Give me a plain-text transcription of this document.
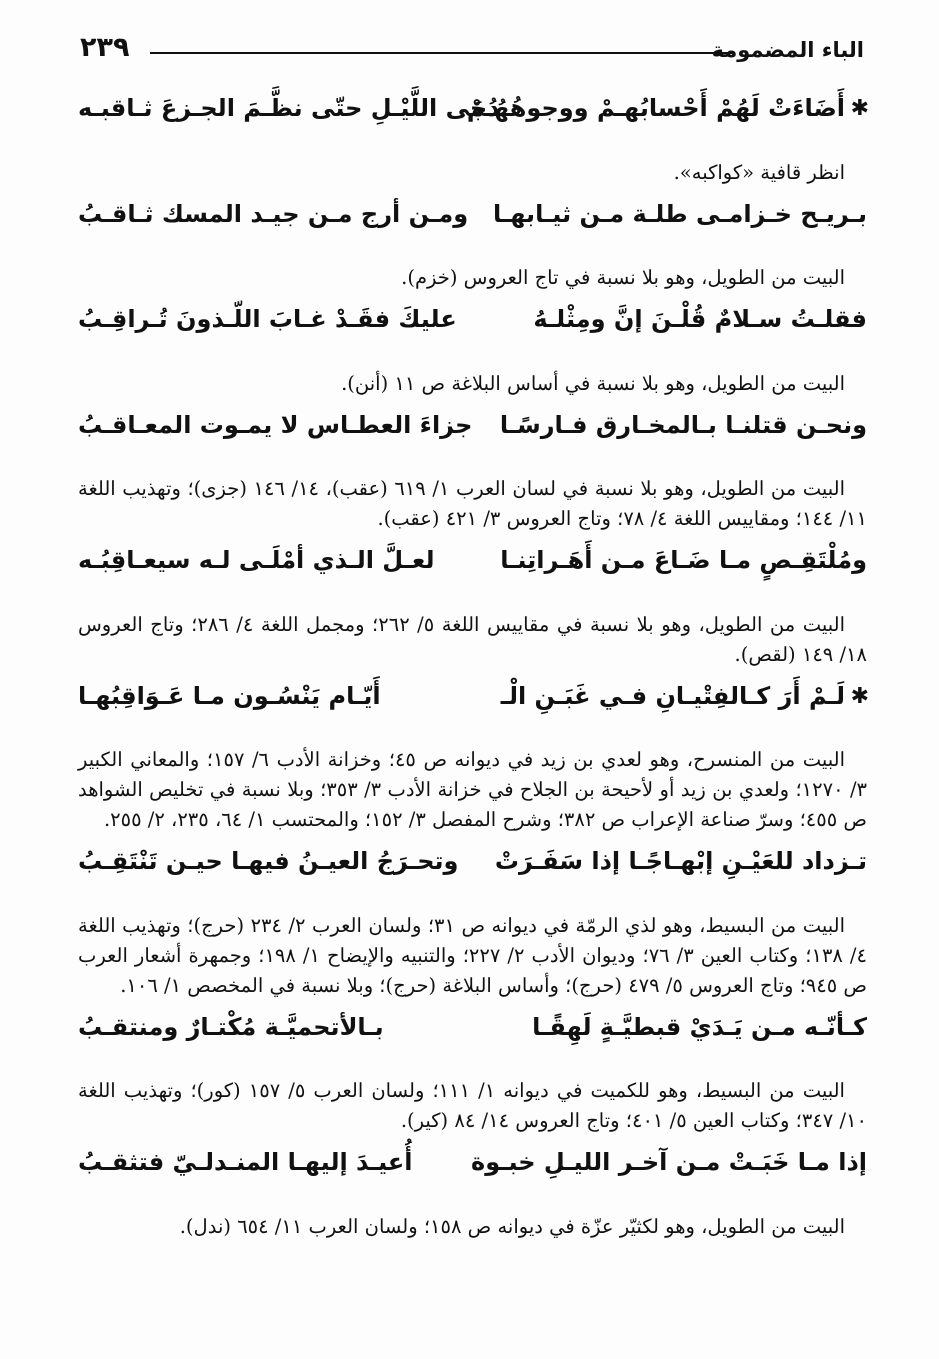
الباء المضمومة
٢٣٩
✱
أَضَاءَتْ لَهُمْ أَحْسابُهـمْ ووجوهُهُـمْ
دُجَى اللَّيْـلِ حتّى نظَّـمَ الجـزعَ ثـاقبـه

انظر قافية «كواكبه».

بـريـح خـزامـى طلـة مـن ثيـابهـا
ومـن أرج مـن جيـد المسك ثـاقـبُ

البيت من الطويل، وهو بلا نسبة في تاج العروس (خزم).

فقلـتُ سـلامٌ قُلْـنَ إنَّ ومِثْلـهُ
عليكَ فقَـدْ غـابَ اللّـذونَ تُـراقِـبُ

البيت من الطويل، وهو بلا نسبة في أساس البلاغة ص ١١ (أنن).

ونحـن قتلنـا بـالمخـارق فـارسًـا
جزاءَ العطـاس لا يمـوت المعـاقـبُ

البيت من الطويل، وهو بلا نسبة في لسان العرب ١/ ٦١٩ (عقب)، ١٤/ ١٤٦ (جزى)؛ وتهذيب اللغة ١١/ ١٤٤؛ ومقاييس اللغة ٤/ ٧٨؛ وتاج العروس ٣/ ٤٢١ (عقب).

ومُلْتَقِـصٍ مـا ضَـاعَ مـن أَهَـراتِنـا
لعـلَّ الـذي أمْلَـى لـه سيعـاقِبُـه

البيت من الطويل، وهو بلا نسبة في مقاييس اللغة ٥/ ٢٦٢؛ ومجمل اللغة ٤/ ٢٨٦؛ وتاج العروس ١٨/ ١٤٩ (لقص).

✱
لَـمْ أَرَ كـالفِتْيـانِ فـي غَبَـنِ الْـ
أَيّـام يَنْسُـون مـا عَـوَاقِبُهـا

البيت من المنسرح، وهو لعدي بن زيد في ديوانه ص ٤٥؛ وخزانة الأدب ٦/ ١٥٧؛ والمعاني الكبير ٣/ ١٢٧٠؛ ولعدي بن زيد أو لأحيحة بن الجلاح في خزانة الأدب ٣/ ٣٥٣؛ وبلا نسبة في تخليص الشواهد ص ٤٥٥؛ وسرّ صناعة الإعراب ص ٣٨٢؛ وشرح المفصل ٣/ ١٥٢؛ والمحتسب ١/ ٦٤، ٢٣٥، ٢/ ٢٥٥.

تـزداد للعَيْـنِ إبْهـاجًـا إذا سَفَـرَتْ
وتحـرَجُ العيـنُ فيهـا حيـن تَنْتَقِـبُ

البيت من البسيط، وهو لذي الرمّة في ديوانه ص ٣١؛ ولسان العرب ٢/ ٢٣٤ (حرج)؛ وتهذيب اللغة ٤/ ١٣٨؛ وكتاب العين ٣/ ٧٦؛ وديوان الأدب ٢/ ٢٢٧؛ والتنبيه والإيضاح ١/ ١٩٨؛ وجمهرة أشعار العرب ص ٩٤٥؛ وتاج العروس ٥/ ٤٧٩ (حرج)؛ وأساس البلاغة (حرج)؛ وبلا نسبة في المخصص ١/ ١٠٦.

كـأنّـه مـن يَـدَيْ قبطيَّـةٍ لَهِقًـا
بـالأتحميَّـة مُكْتـارٌ ومنتقـبُ

البيت من البسيط، وهو للكميت في ديوانه ١/ ١١١؛ ولسان العرب ٥/ ١٥٧ (كور)؛ وتهذيب اللغة ١٠/ ٣٤٧؛ وكتاب العين ٥/ ٤٠١؛ وتاج العروس ١٤/ ٨٤ (كير).

إذا مـا خَبَـتْ مـن آخـر الليـلِ خبـوة
أُعيـدَ إليهـا المنـدلـيّ فتثقـبُ

البيت من الطويل، وهو لكثيّر عزّة في ديوانه ص ١٥٨؛ ولسان العرب ١١/ ٦٥٤ (ندل).
